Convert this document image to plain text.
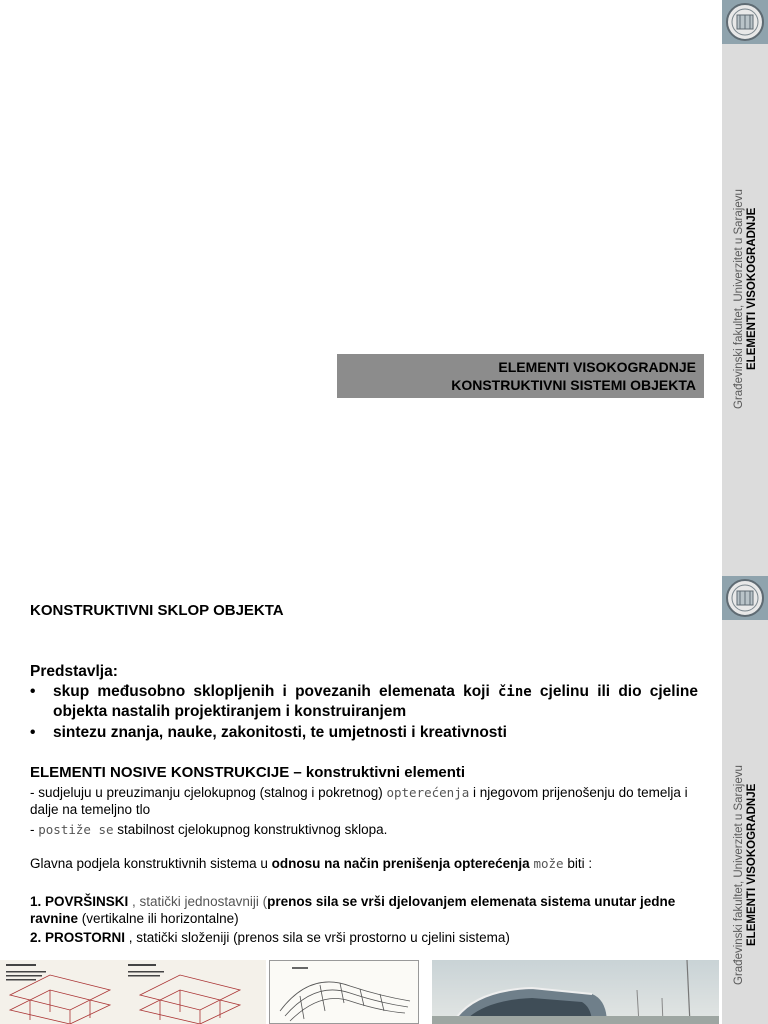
Građevinski fakultet, Univerzitet u Sarajevu ELEMENTI VISOKOGRADNJE
ELEMENTI VISOKOGRADNJE
KONSTRUKTIVNI SISTEMI OBJEKTA
Građevinski fakultet, Univerzitet u Sarajevu ELEMENTI VISOKOGRADNJE
KONSTRUKTIVNI SKLOP OBJEKTA
Predstavlja:
• skup međusobno sklopljenih i povezanih elemenata koji čine cjelinu ili dio cjeline objekta nastalih projektiranjem i konstruiranjem
• sintezu znanja, nauke, zakonitosti, te umjetnosti i kreativnosti
ELEMENTI NOSIVE KONSTRUKCIJE – konstruktivni elementi
- sudjeluju u preuzimanju cjelokupnog (stalnog i pokretnog) opterećenja i njegovom prijenošenju do temelja i dalje na temeljno tlo
- postiže se stabilnost cjelokupnog konstruktivnog sklopa.
Glavna podjela konstruktivnih sistema u odnosu na način prenišenja opterećenja može biti :
1. POVRŠINSKI , statički jednostavniji (prenos sila se vrši djelovanjem elemenata sistema unutar jedne ravnine (vertikalne ili horizontalne)
2. PROSTORNI , statički složeniji (prenos sila se vrši prostorno u cjelini sistema)
